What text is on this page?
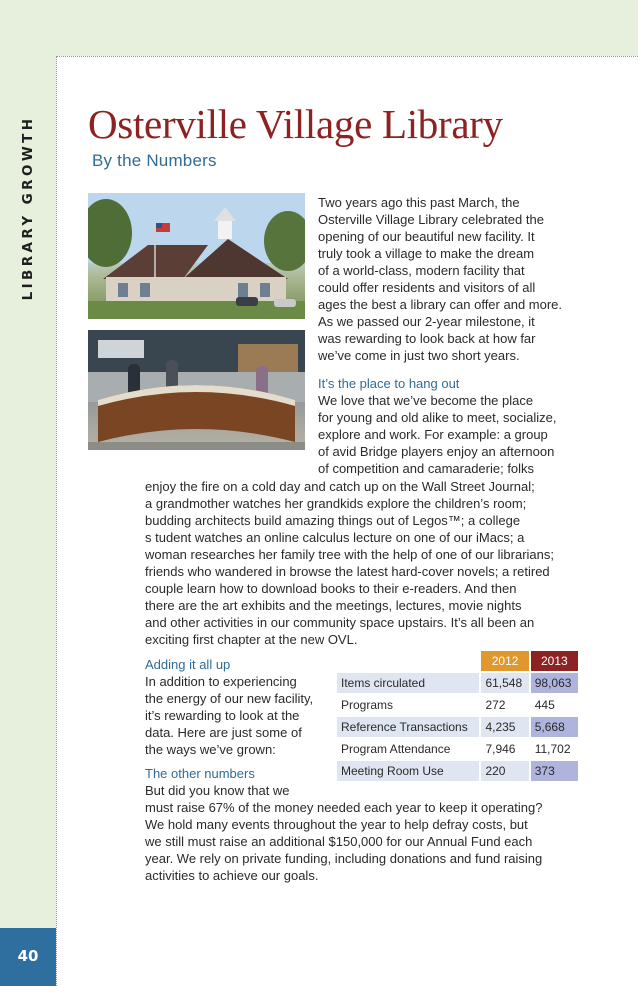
LIBRARY GROWTH
40
Osterville Village Library
By the Numbers
Two years ago this past March, the
Osterville Village Library celebrated the
opening of our beautiful new facility. It
truly took a village to make the dream
of a world-class, modern facility that
could offer residents and visitors of all
ages the best a library can offer and more.
As we passed our 2-year milestone, it
was rewarding to look back at how far
we’ve come in just two short years.
It’s the place to hang out
We love that we’ve become the place
for young and old alike to meet, socialize,
explore and work. For example: a group
of avid Bridge players enjoy an afternoon
of competition and camaraderie; folks
enjoy the fire on a cold day and catch up on the Wall Street Journal;
a grandmother watches her grandkids explore the children’s room;
budding architects build amazing things out of Legos™; a college
s tudent watches an online calculus lecture on one of our iMacs; a
woman researches her family tree with the help of one of our librarians;
friends who wandered in browse the latest hard-cover novels; a retired
couple learn how to download books to their e-readers. And then
there are the art exhibits and the meetings, lectures, movie nights
and other activities in our community space upstairs. It’s all been an
exciting first chapter at the new OVL.
Adding it all up
In addition to experiencing
the energy of our new facility,
it’s rewarding to look at the
data. Here are just some of
the ways we’ve grown:
	2012	2013
Items circulated	61,548	98,063
Programs	272	445
Reference Transactions	4,235	5,668
Program Attendance	7,946	11,702
Meeting Room Use	220	373
The other numbers
But did you know that we
must raise 67% of the money needed each year to keep it operating?
We hold many events throughout the year to help defray costs, but
we still must raise an additional $150,000 for our Annual Fund each
year. We rely on private funding, including donations and fund raising
activities to achieve our goals.
